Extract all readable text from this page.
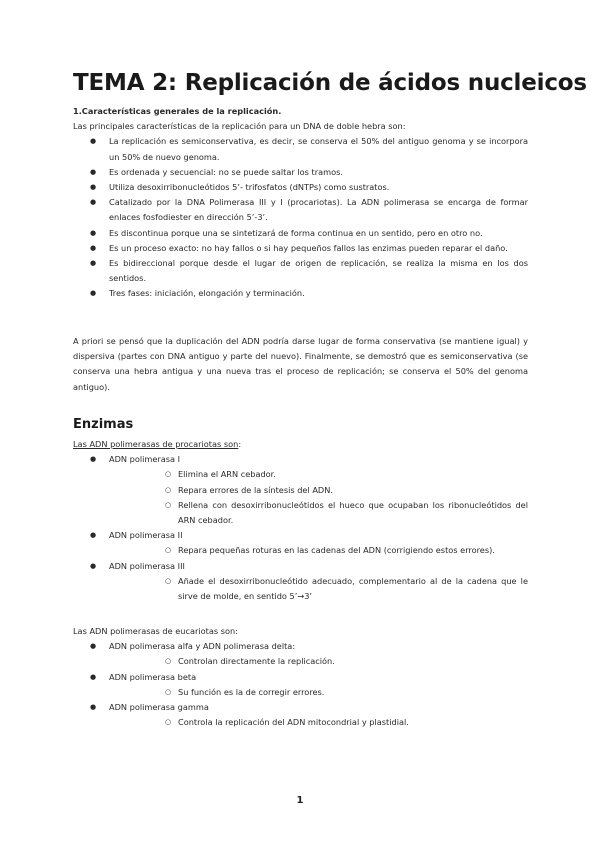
TEMA 2: Replicación de ácidos nucleicos
1.Características generales de la replicación.
Las principales características de la replicación para un DNA de doble hebra son:
● La replicación es semiconservativa, es decir, se conserva el 50% del antiguo genoma y se incorpora un 50% de nuevo genoma.
● Es ordenada y secuencial: no se puede saltar los tramos.
● Utiliza desoxirribonucleótidos 5’- trifosfatos (dNTPs) como sustratos.
● Catalizado por la DNA Polimerasa III y I (procariotas). La ADN polimerasa se encarga de formar enlaces fosfodiester en dirección 5’-3’.
● Es discontinua porque una se sintetizará de forma continua en un sentido, pero en otro no.
● Es un proceso exacto: no hay fallos o si hay pequeños fallos las enzimas pueden reparar el daño.
● Es bidireccional porque desde el lugar de origen de replicación, se realiza la misma en los dos sentidos.
● Tres fases: iniciación, elongación y terminación.

A priori se pensó que la duplicación del ADN podría darse lugar de forma conservativa (se mantiene igual) y dispersiva (partes con DNA antiguo y parte del nuevo). Finalmente, se demostró que es semiconservativa (se conserva una hebra antigua y una nueva tras el proceso de replicación; se conserva el 50% del genoma antiguo).

Enzimas
Las ADN polimerasas de procariotas son:
● ADN polimerasa I
○ Elimina el ARN cebador.
○ Repara errores de la síntesis del ADN.
○ Rellena con desoxirribonucleótidos el hueco que ocupaban los ribonucleótidos del ARN cebador.
● ADN polimerasa II
○ Repara pequeñas roturas en las cadenas del ADN (corrigiendo estos errores).
● ADN polimerasa III
○ Añade el desoxirribonucleótido adecuado, complementario al de la cadena que le sirve de molde, en sentido 5’→3’
Las ADN polimerasas de eucariotas son:
● ADN polimerasa alfa y ADN polimerasa delta:
○ Controlan directamente la replicación.
● ADN polimerasa beta
○ Su función es la de corregir errores.
● ADN polimerasa gamma
○ Controla la replicación del ADN mitocondrial y plastidial.
1
